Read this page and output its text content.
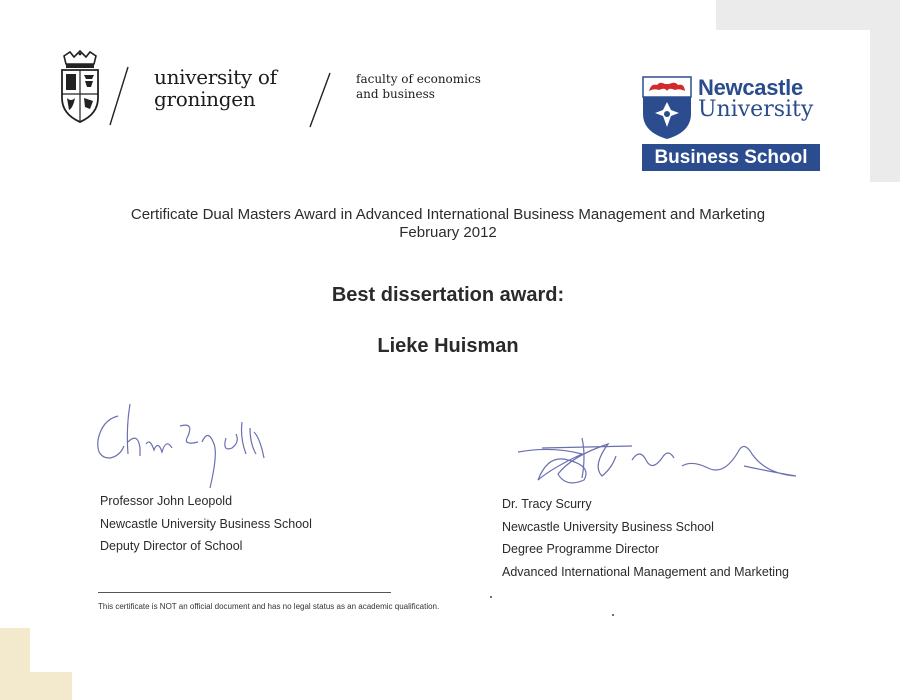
university of
groningen
faculty of economics
and business	Newcastle
University
Business School
Certificate Dual Masters Award in Advanced International Business Management and Marketing
February 2012
Best dissertation award:
Lieke Huisman
Professor John Leopold
Newcastle University Business School
Deputy Director of School
Dr. Tracy Scurry
Newcastle University Business School
Degree Programme Director
Advanced International Management and Marketing
This certificate is NOT an official document and has no legal status as an academic qualification.
